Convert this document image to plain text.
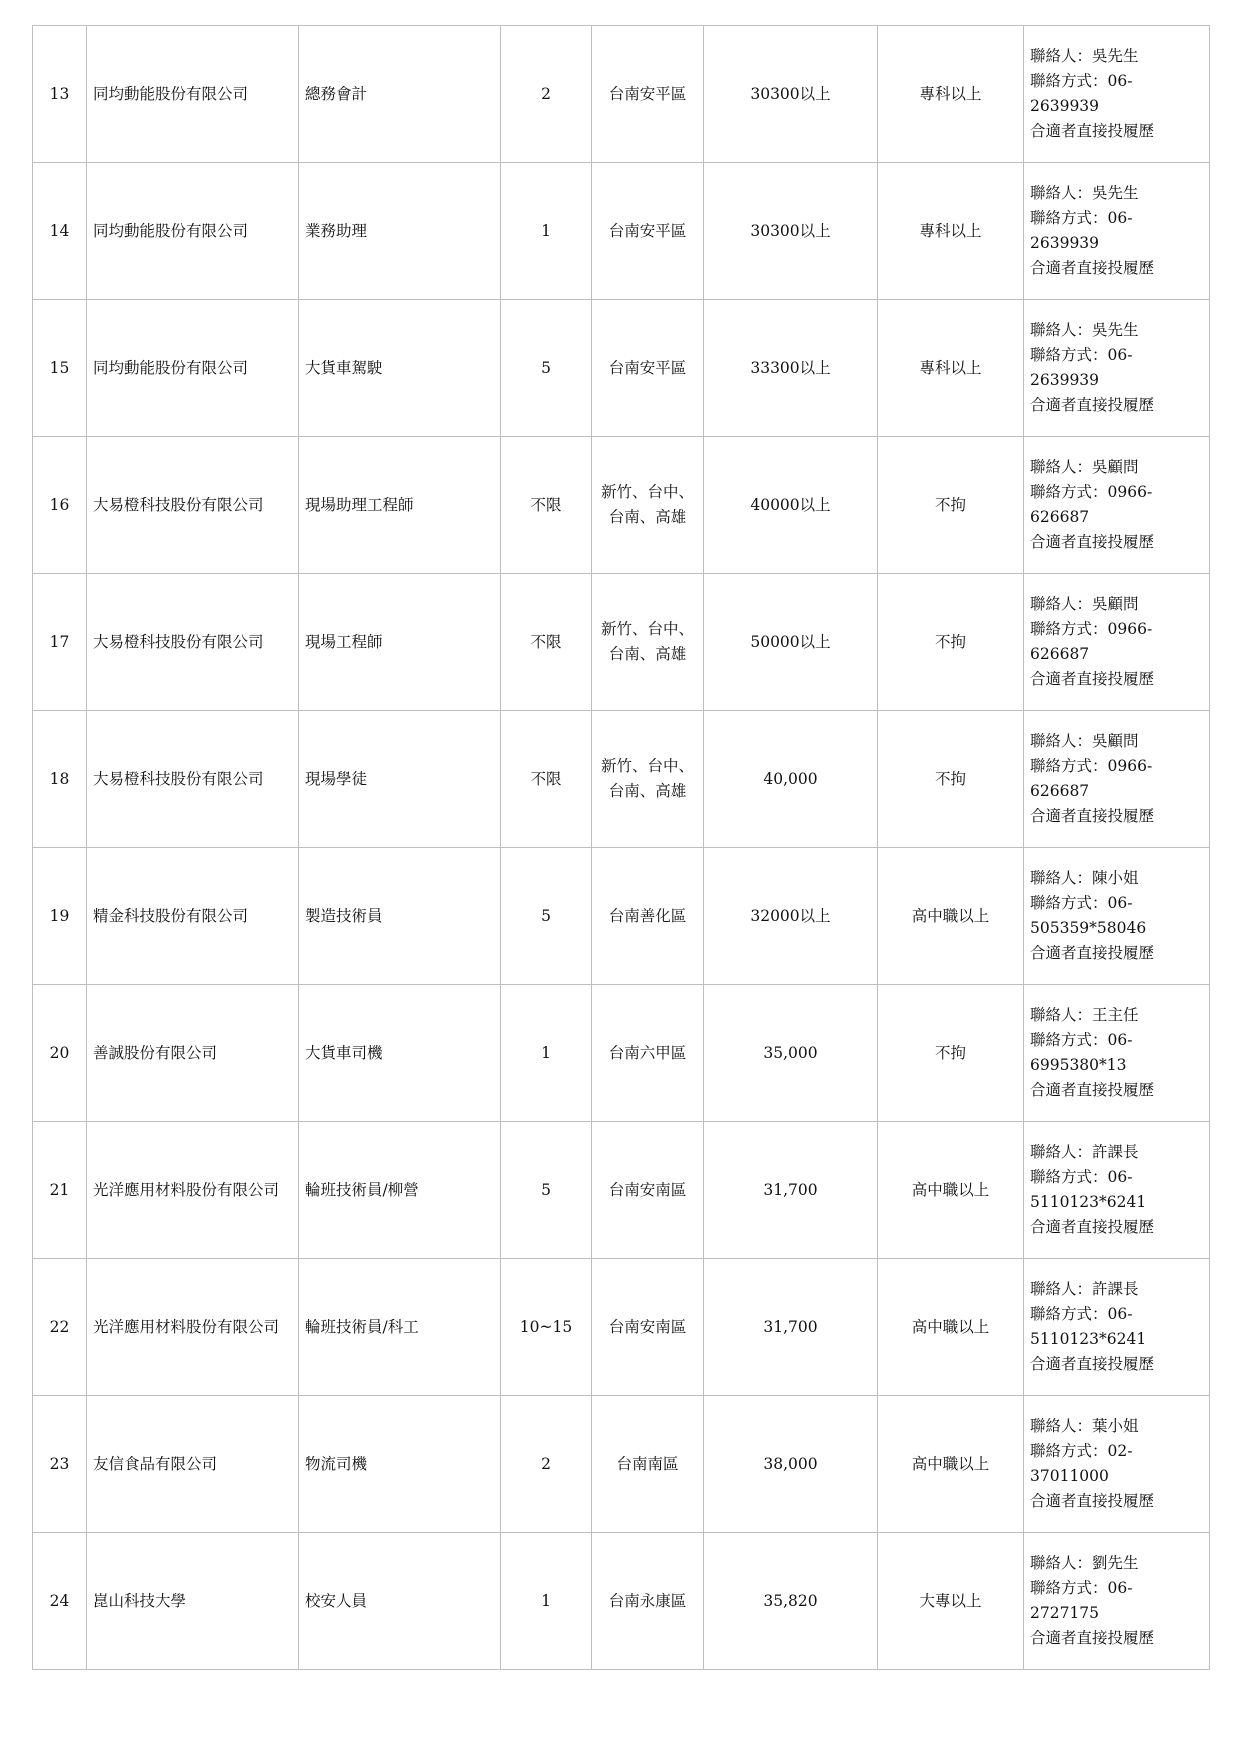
13	同均動能股份有限公司	總務會計	2	台南安平區	30300以上	專科以上	聯絡人：吳先生
聯絡方式：06-
2639939
合適者直接投履歷

14	同均動能股份有限公司	業務助理	1	台南安平區	30300以上	專科以上	聯絡人：吳先生
聯絡方式：06-
2639939
合適者直接投履歷

15	同均動能股份有限公司	大貨車駕駛	5	台南安平區	33300以上	專科以上	聯絡人：吳先生
聯絡方式：06-
2639939
合適者直接投履歷

16	大易橙科技股份有限公司	現場助理工程師	不限	新竹、台中、台南、高雄	40000以上	不拘	聯絡人：吳顧問
聯絡方式：0966-
626687
合適者直接投履歷

17	大易橙科技股份有限公司	現場工程師	不限	新竹、台中、台南、高雄	50000以上	不拘	聯絡人：吳顧問
聯絡方式：0966-
626687
合適者直接投履歷

18	大易橙科技股份有限公司	現場學徒	不限	新竹、台中、台南、高雄	40,000	不拘	聯絡人：吳顧問
聯絡方式：0966-
626687
合適者直接投履歷

19	精金科技股份有限公司	製造技術員	5	台南善化區	32000以上	高中職以上	聯絡人：陳小姐
聯絡方式：06-
505359*58046
合適者直接投履歷

20	善誠股份有限公司	大貨車司機	1	台南六甲區	35,000	不拘	聯絡人：王主任
聯絡方式：06-
6995380*13
合適者直接投履歷

21	光洋應用材料股份有限公司	輪班技術員/柳營	5	台南安南區	31,700	高中職以上	聯絡人：許課長
聯絡方式：06-
5110123*6241
合適者直接投履歷

22	光洋應用材料股份有限公司	輪班技術員/科工	10~15	台南安南區	31,700	高中職以上	聯絡人：許課長
聯絡方式：06-
5110123*6241
合適者直接投履歷

23	友信食品有限公司	物流司機	2	台南南區	38,000	高中職以上	聯絡人：葉小姐
聯絡方式：02-
37011000
合適者直接投履歷

24	崑山科技大學	校安人員	1	台南永康區	35,820	大專以上	聯絡人：劉先生
聯絡方式：06-
2727175
合適者直接投履歷
